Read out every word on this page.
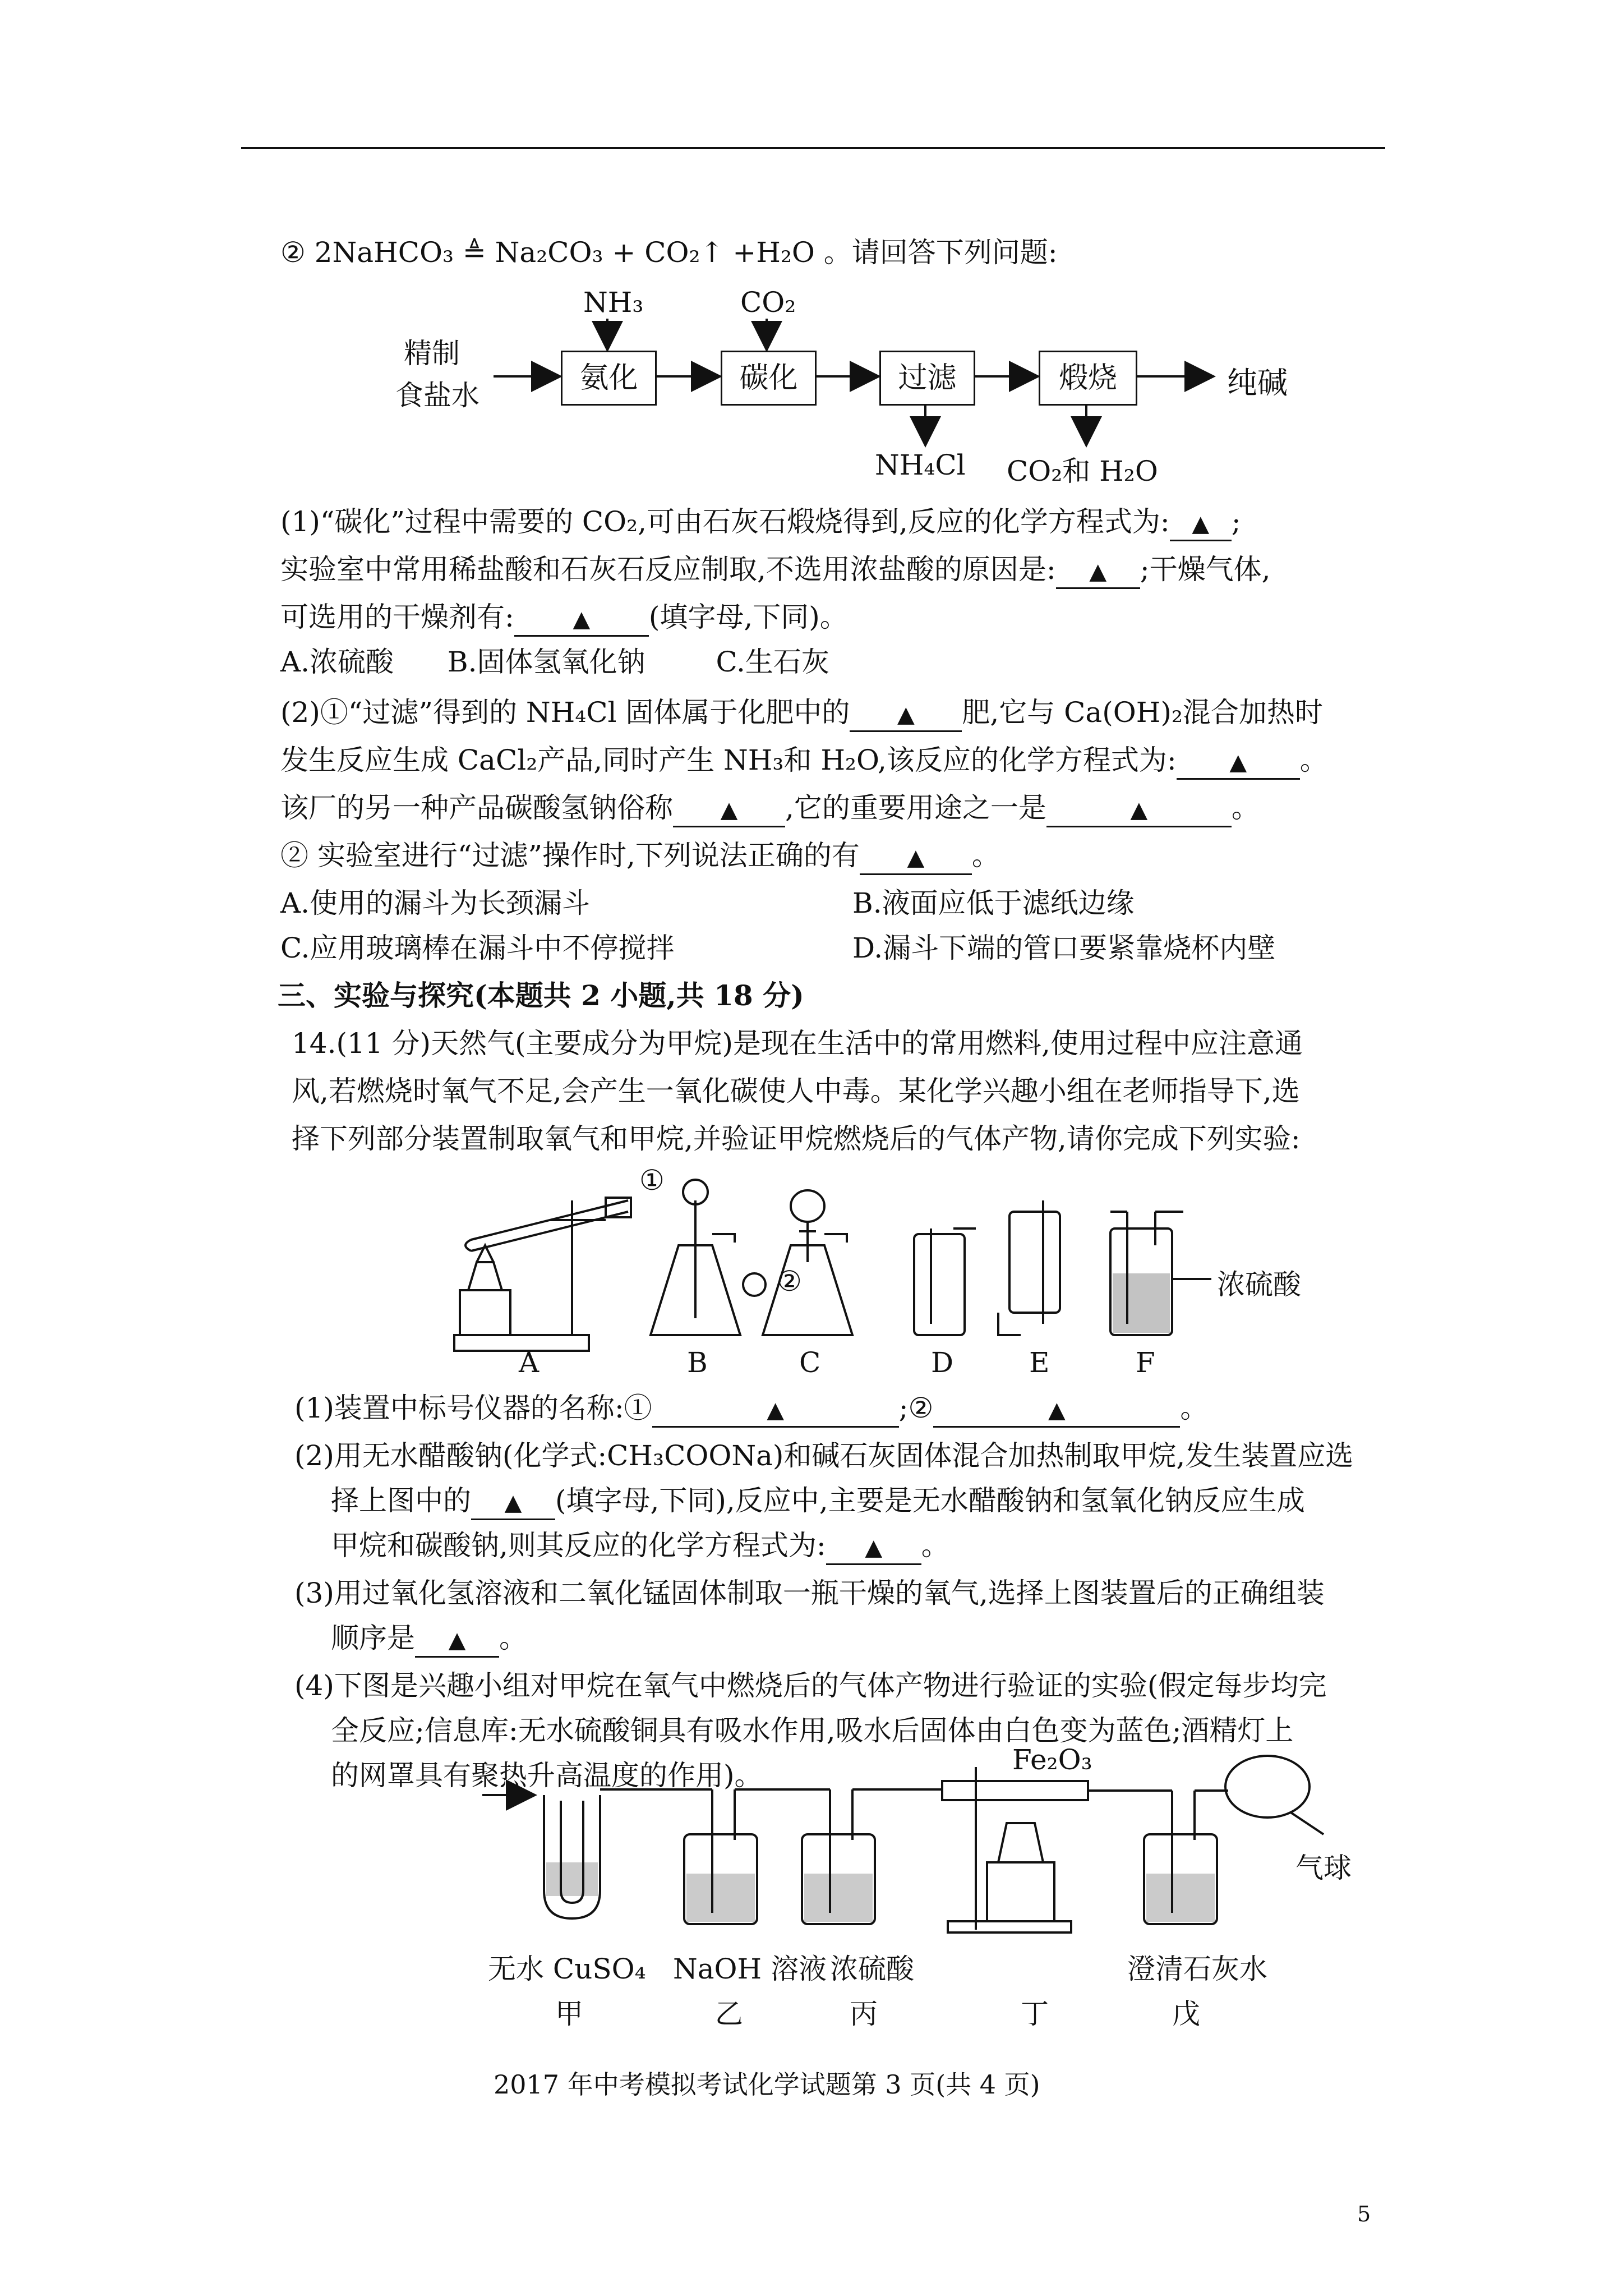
② 2NaHCO₃ ≜ Na₂CO₃ + CO₂↑ +H₂O 。请回答下列问题:
精制
食盐水
氨化	碳化	过滤	煅烧	纯碱
NH₃	CO₂
NH₄Cl CO₂和 H₂O
(1)“碳化”过程中需要的 CO₂,可由石灰石煅烧得到,反应的化学方程式为: ▲ ;
实验室中常用稀盐酸和石灰石反应制取,不选用浓盐酸的原因是: ▲ ;干燥气体,
可选用的干燥剂有:	▲ (填字母,下同)。
A.浓硫酸 B.固体氢氧化钠	C.生石灰
(2)①“过滤”得到的 NH₄Cl 固体属于化肥中的 ▲ 肥,它与 Ca(OH)₂混合加热时
发生反应生成 CaCl₂产品,同时产生 NH₃和 H₂O,该反应的化学方程式为: ▲ 。
该厂的另一种产品碳酸氢钠俗称 ▲ ,它的重要用途之一是	▲	。
② 实验室进行“过滤”操作时,下列说法正确的有 ▲ 。
A.使用的漏斗为长颈漏斗	B.液面应低于滤纸边缘
C.应用玻璃棒在漏斗中不停搅拌	D.漏斗下端的管口要紧靠烧杯内壁
三、实验与探究(本题共 2 小题,共 18 分)
14.(11 分)天然气(主要成分为甲烷)是现在生活中的常用燃料,使用过程中应注意通
风,若燃烧时氧气不足,会产生一氧化碳使人中毒。某化学兴趣小组在老师指导下,选
择下列部分装置制取氧气和甲烷,并验证甲烷燃烧后的气体产物,请你完成下列实验:
①
②	浓硫酸
A	B	C	D	E	F
(1)装置中标号仪器的名称:①	▲	;②	▲	。
(2)用无水醋酸钠(化学式:CH₃COONa)和碱石灰固体混合加热制取甲烷,发生装置应选
择上图中的 ▲ (填字母,下同),反应中,主要是无水醋酸钠和氢氧化钠反应生成
甲烷和碳酸钠,则其反应的化学方程式为: ▲ 。
(3)用过氧化氢溶液和二氧化锰固体制取一瓶干燥的氧气,选择上图装置后的正确组装
顺序是 ▲ 。
(4)下图是兴趣小组对甲烷在氧气中燃烧后的气体产物进行验证的实验(假定每步均完
全反应;信息库:无水硫酸铜具有吸水作用,吸水后固体由白色变为蓝色;酒精灯上
的网罩具有聚热升高温度的作用)。	Fe₂O₃
气球
无水 CuSO₄ NaOH 溶液 浓硫酸	澄清石灰水
甲	乙	丙	丁	戊
2017 年中考模拟考试化学试题第 3 页(共 4 页)
5
